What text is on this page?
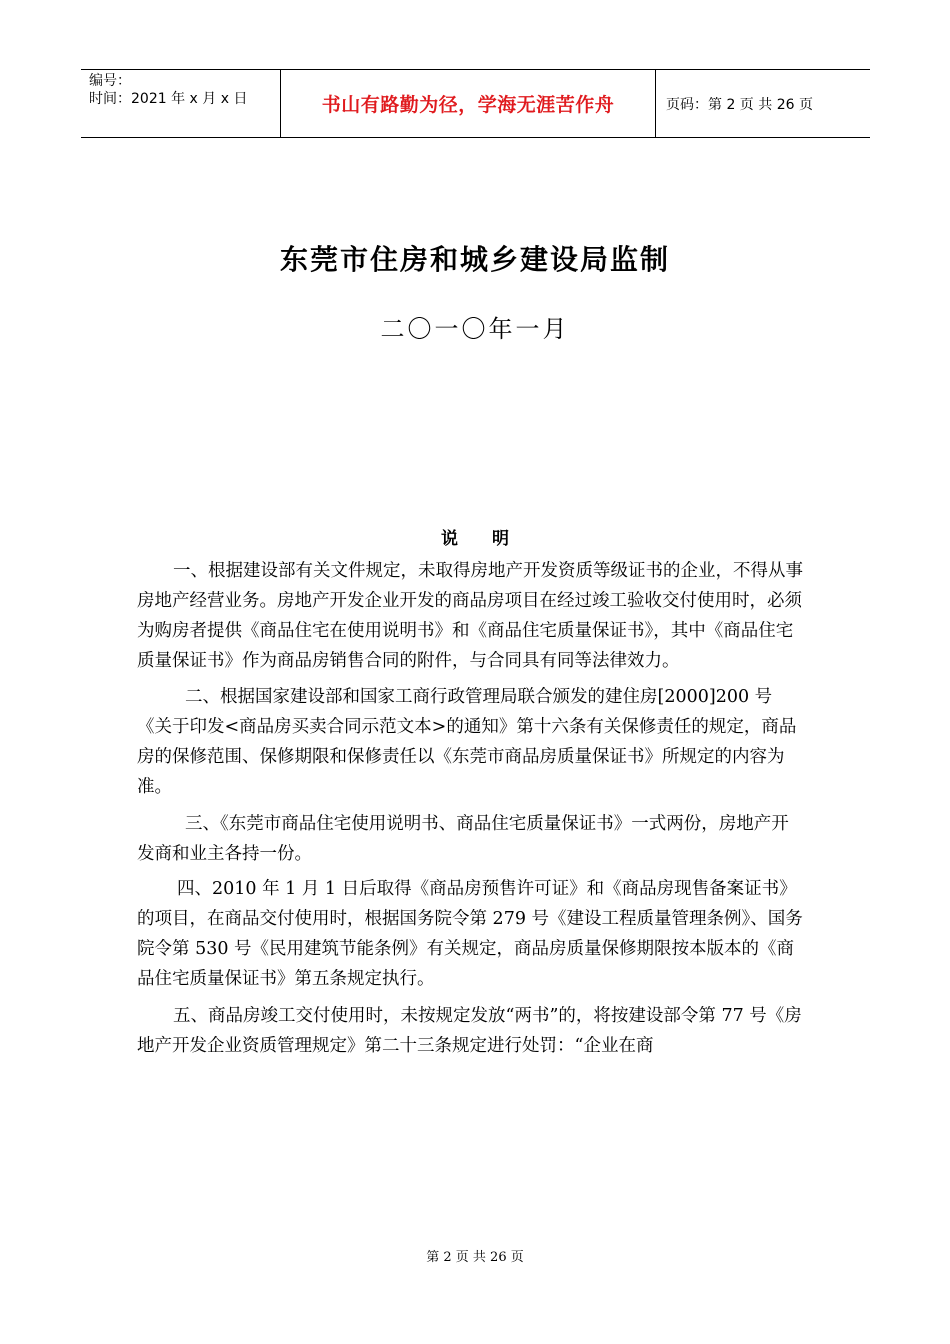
编号：
时间：2021 年 x 月 x 日	书山有路勤为径，学海无涯苦作舟	页码：第 2 页 共 26 页
东莞市住房和城乡建设局监制
二〇一〇年一月
说 明

一、根据建设部有关文件规定，未取得房地产开发资质等级证书的企业，不得从事房地产经营业务。房地产开发企业开发的商品房项目在经过竣工验收交付使用时，必须为购房者提供《商品住宅在使用说明书》和《商品住宅质量保证书》，其中《商品住宅质量保证书》作为商品房销售合同的附件，与合同具有同等法律效力。

二、根据国家建设部和国家工商行政管理局联合颁发的建住房[2000]200 号《关于印发<商品房买卖合同示范文本>的通知》第十六条有关保修责任的规定，商品房的保修范围、保修期限和保修责任以《东莞市商品房质量保证书》所规定的内容为准。

三、《东莞市商品住宅使用说明书、商品住宅质量保证书》一式两份，房地产开发商和业主各持一份。

四、2010 年 1 月 1 日后取得《商品房预售许可证》和《商品房现售备案证书》的项目，在商品交付使用时，根据国务院令第 279 号《建设工程质量管理条例》、国务院令第 530 号《民用建筑节能条例》有关规定，商品房质量保修期限按本版本的《商品住宅质量保证书》第五条规定执行。

五、商品房竣工交付使用时，未按规定发放“两书”的，将按建设部令第 77 号《房地产开发企业资质管理规定》第二十三条规定进行处罚：“企业在商

第 2 页 共 26 页
